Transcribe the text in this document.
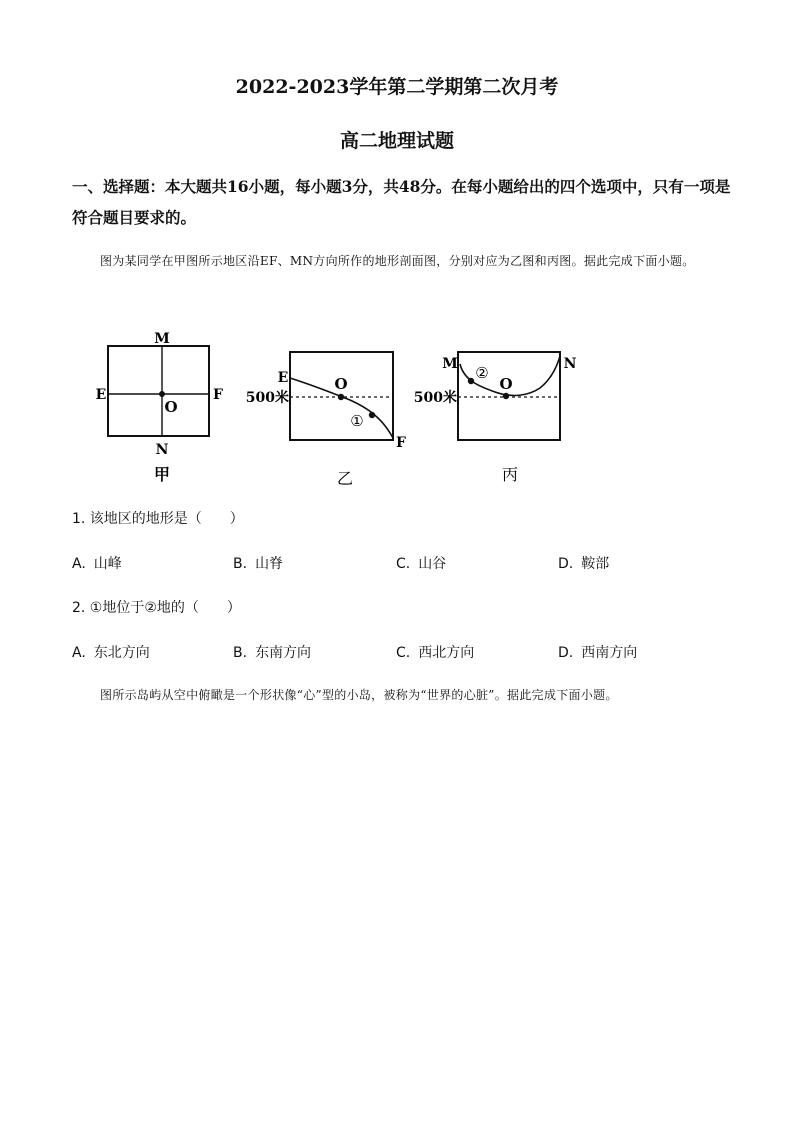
2022-2023学年第二学期第二次月考
高二地理试题
一、选择题：本大题共16小题，每小题3分，共48分。在每小题给出的四个选项中，只有一项是符合题目要求的。
图为某同学在甲图所示地区沿EF、MN方向所作的地形剖面图，分别对应为乙图和丙图。据此完成下面小题。
M
N
E	F
O
甲
E	O
①
F
500米
乙
M	N
②
O
500米
丙
1. 该地区的地形是（　　）
A. 山峰	B. 山脊	C. 山谷	D. 鞍部
2. ①地位于②地的（　　）
A. 东北方向	B. 东南方向	C. 西北方向	D. 西南方向
图所示岛屿从空中俯瞰是一个形状像“心”型的小岛，被称为“世界的心脏”。据此完成下面小题。
